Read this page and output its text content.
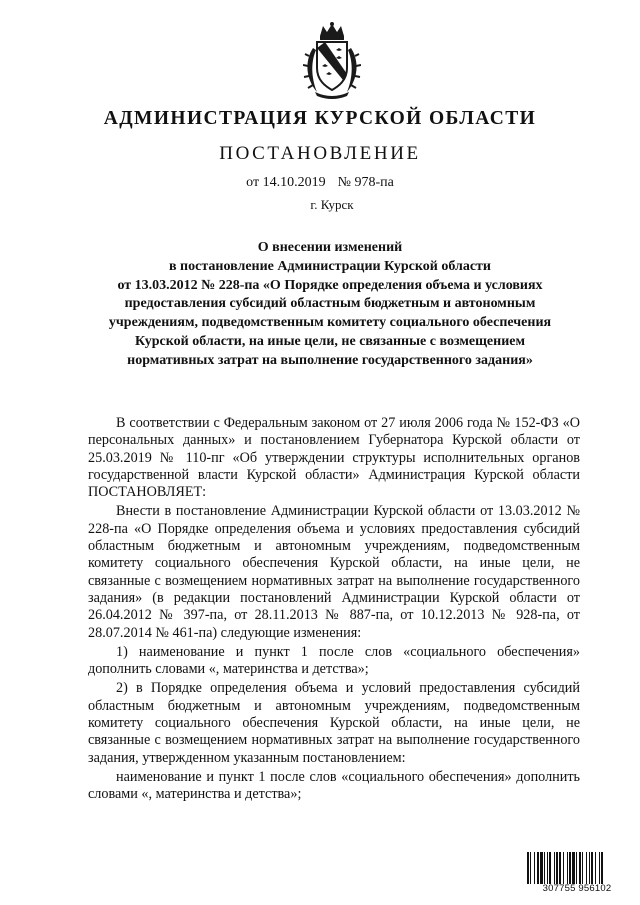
АДМИНИСТРАЦИЯ КУРСКОЙ ОБЛАСТИ
ПОСТАНОВЛЕНИЕ
от 14.10.2019 № 978-па
г. Курск
О внесении изменений
в постановление Администрации Курской области
от 13.03.2012 № 228-па «О Порядке определения объема и условиях
предоставления субсидий областным бюджетным и автономным
учреждениям, подведомственным комитету социального обеспечения
Курской области, на иные цели, не связанные с возмещением
нормативных затрат на выполнение государственного задания»

В соответствии с Федеральным законом от 27 июля 2006 года № 152-ФЗ «О персональных данных» и постановлением Губернатора Курской области от 25.03.2019 № 110-пг «Об утверждении структуры исполнительных органов государственной власти Курской области» Администрация Курской области ПОСТАНОВЛЯЕТ:

Внести в постановление Администрации Курской области от 13.03.2012 № 228-па «О Порядке определения объема и условиях предоставления субсидий областным бюджетным и автономным учреждениям, подведомственным комитету социального обеспечения Курской области, на иные цели, не связанные с возмещением нормативных затрат на выполнение государственного задания» (в редакции постановлений Администрации Курской области от 26.04.2012 № 397-па, от 28.11.2013 № 887-па, от 10.12.2013 № 928-па, от 28.07.2014 № 461-па) следующие изменения:

1) наименование и пункт 1 после слов «социального обеспечения» дополнить словами «, материнства и детства»;

2) в Порядке определения объема и условий предоставления субсидий областным бюджетным и автономным учреждениям, подведомственным комитету социального обеспечения Курской области, на иные цели, не связанные с возмещением нормативных затрат на выполнение государственного задания, утвержденном указанным постановлением:

наименование и пункт 1 после слов «социального обеспечения» дополнить словами «, материнства и детства»;

307755 956102
